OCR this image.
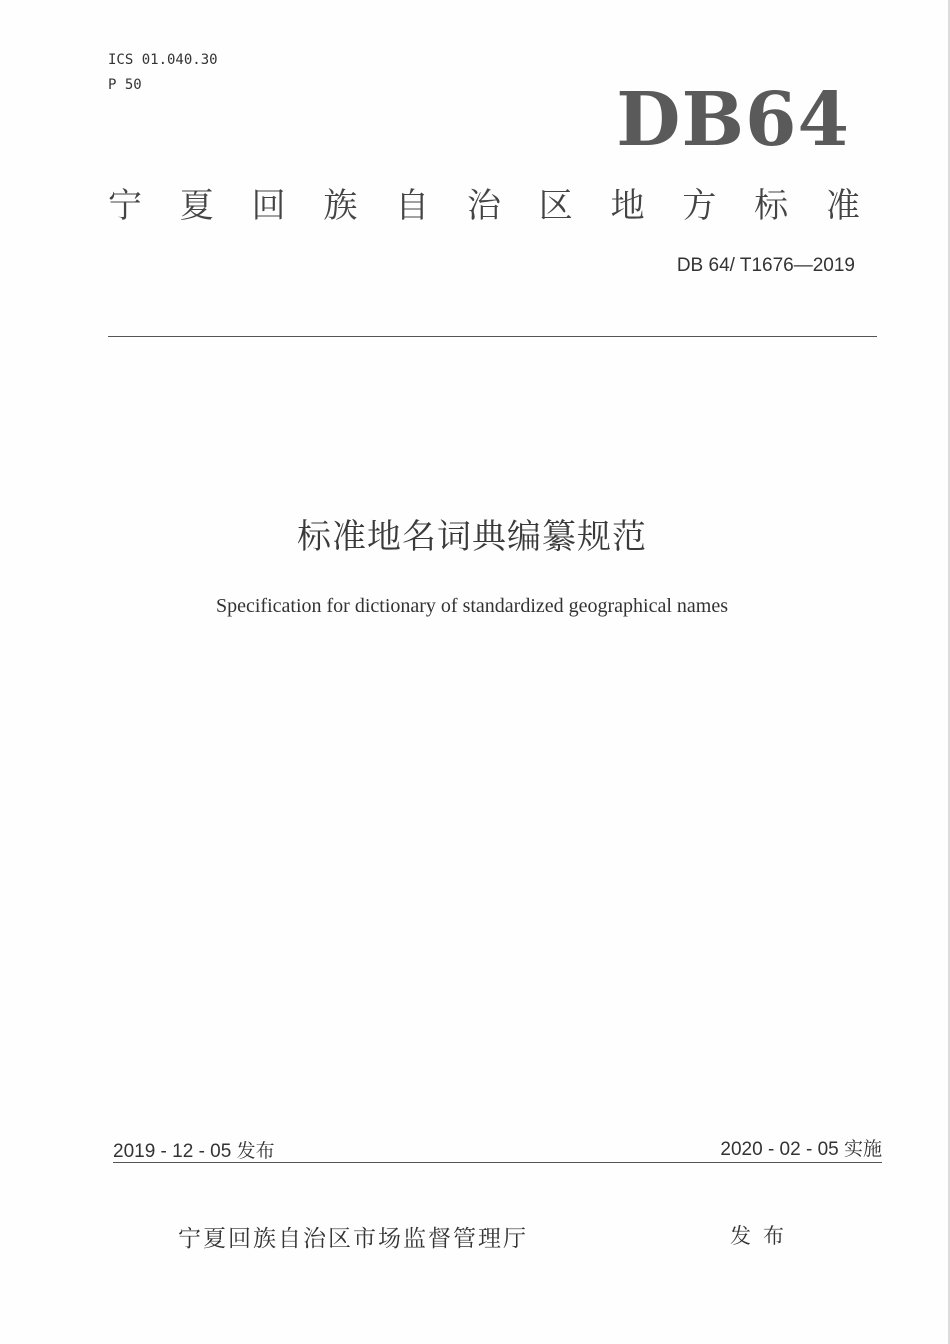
ICS 01.040.30
P 50	DB64
宁 夏 回 族 自 治 区 地 方 标 准
DB 64/ T1676—2019
标准地名词典编纂规范
Specification for dictionary of standardized geographical names
2019 - 12 - 05 发布	2020 - 02 - 05 实施
宁夏回族自治区市场监督管理厅	发布
